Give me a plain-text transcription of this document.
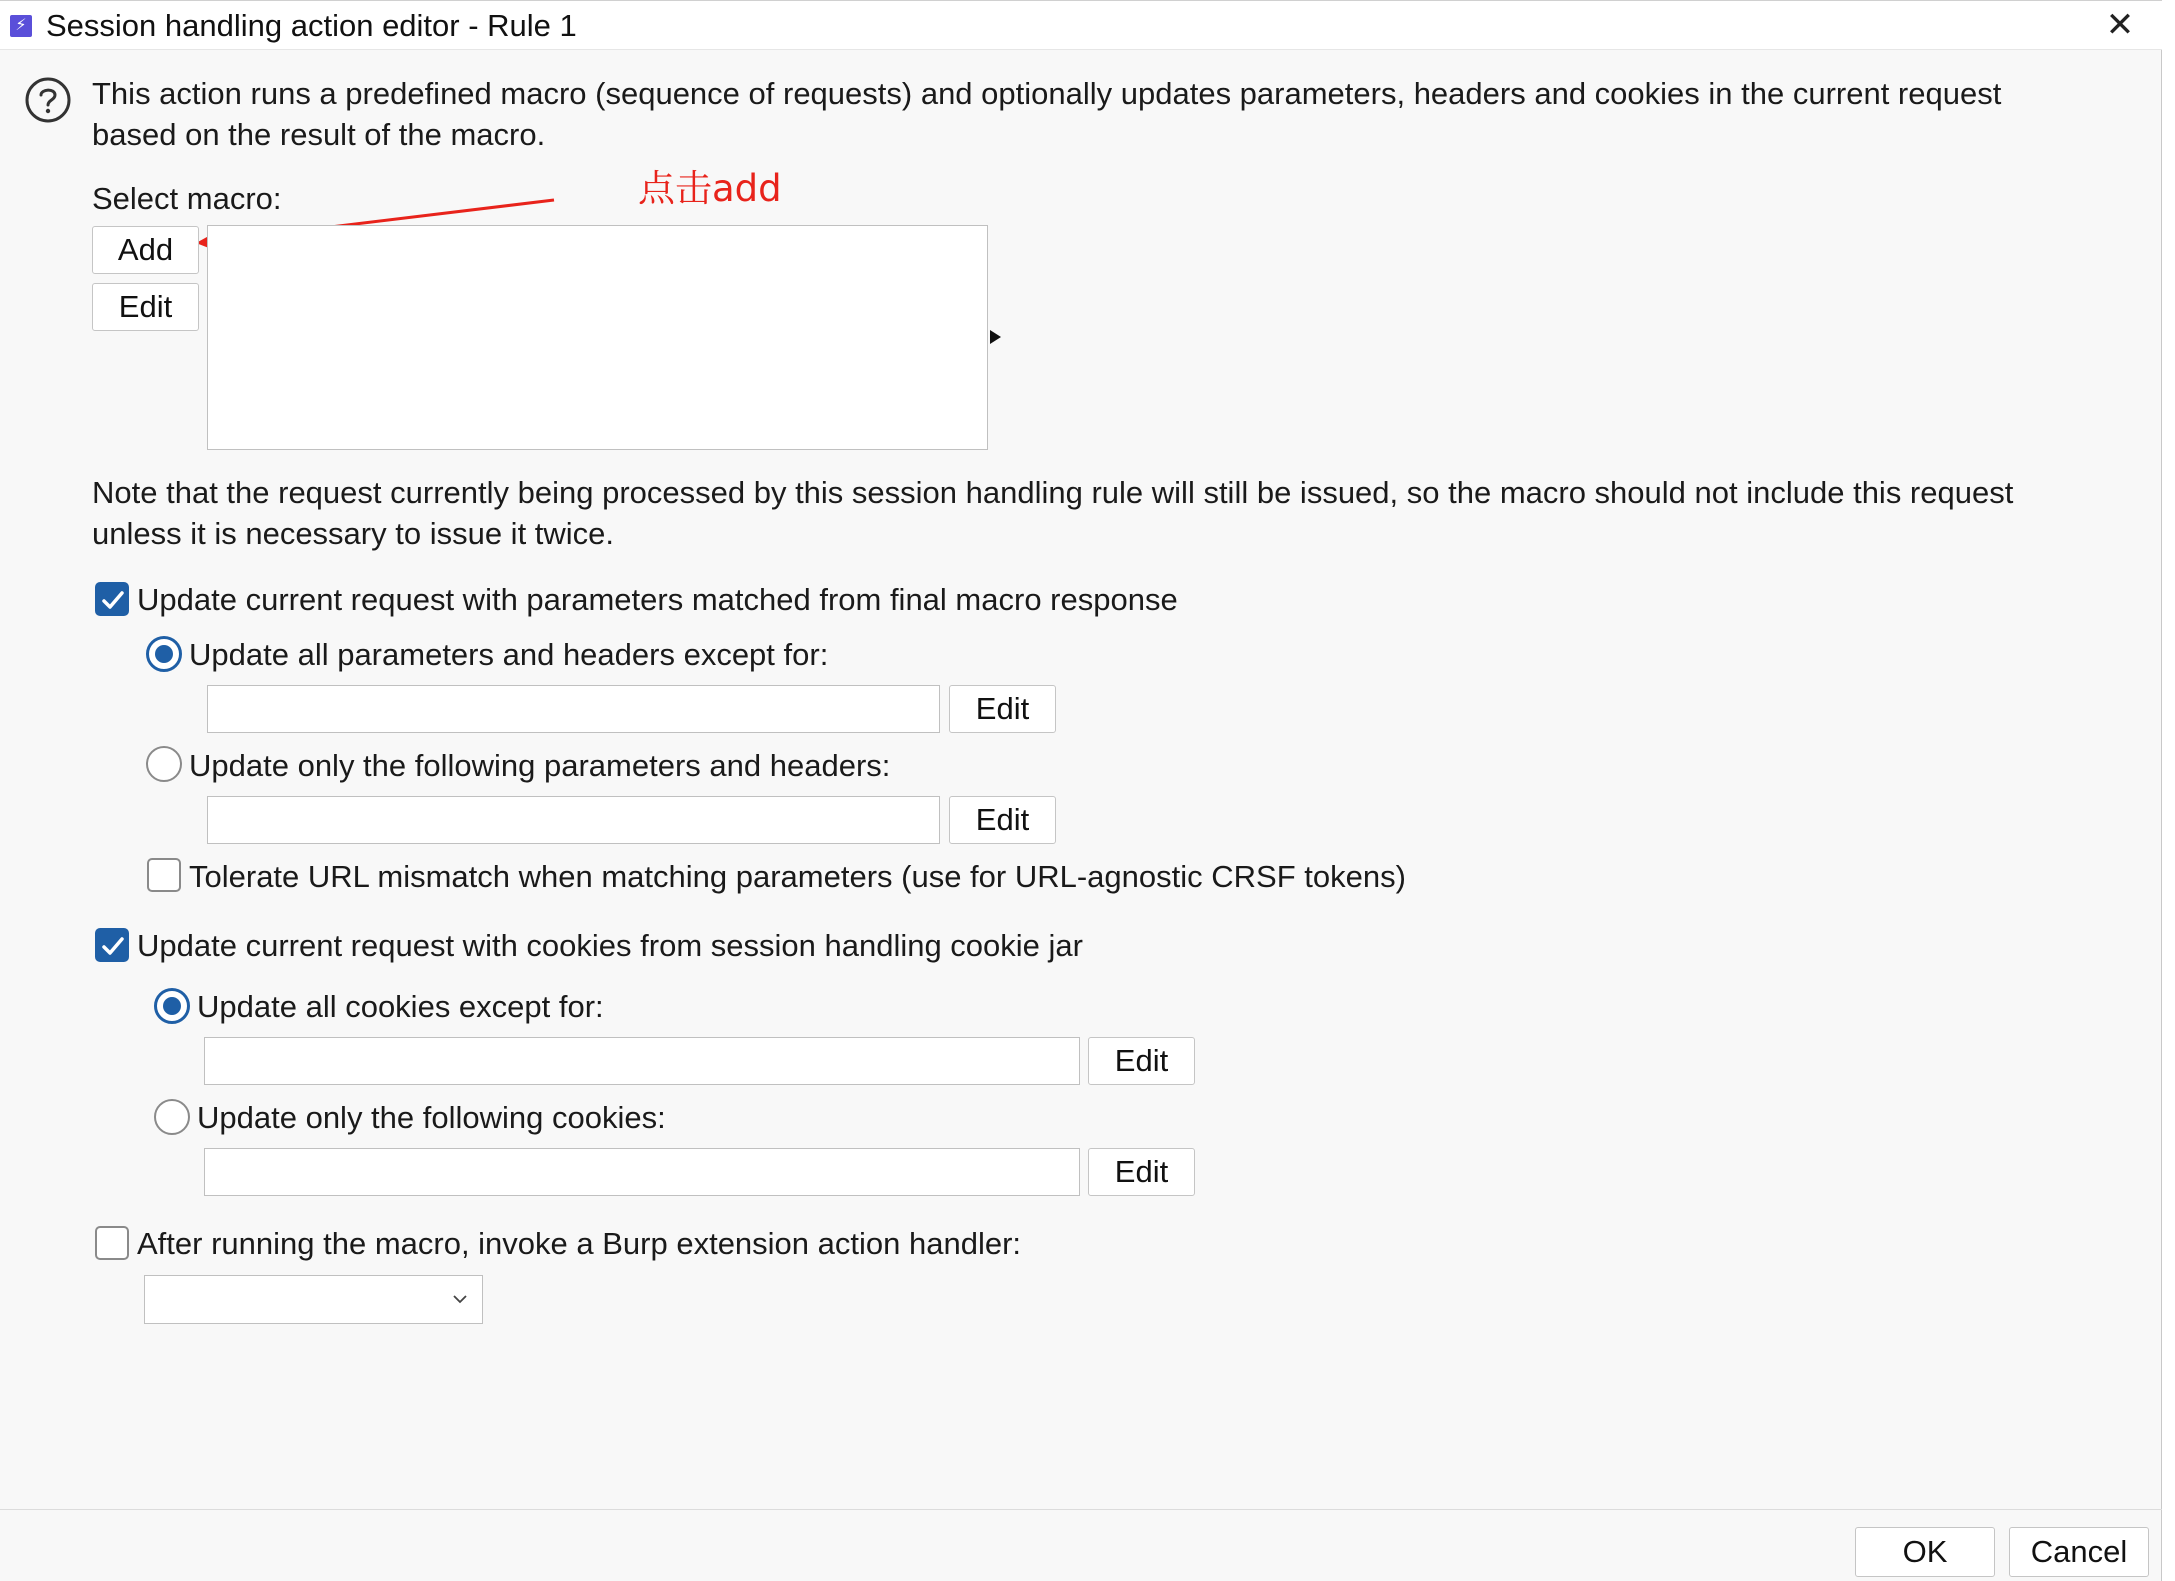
⚡ Session handling action editor - Rule 1	✕
This action runs a predefined macro (sequence of requests) and optionally updates parameters, headers and cookies in the current request
based on the result of the macro.
Select macro:	点击add
Add
Edit
Note that the request currently being processed by this session handling rule will still be issued, so the macro should not include this request
unless it is necessary to issue it twice.
Update current request with parameters matched from final macro response
Update all parameters and headers except for:
Edit
Update only the following parameters and headers:
Edit
Tolerate URL mismatch when matching parameters (use for URL-agnostic CRSF tokens)
Update current request with cookies from session handling cookie jar
Update all cookies except for:
Edit
Update only the following cookies:
Edit
After running the macro, invoke a Burp extension action handler:
OK	Cancel
